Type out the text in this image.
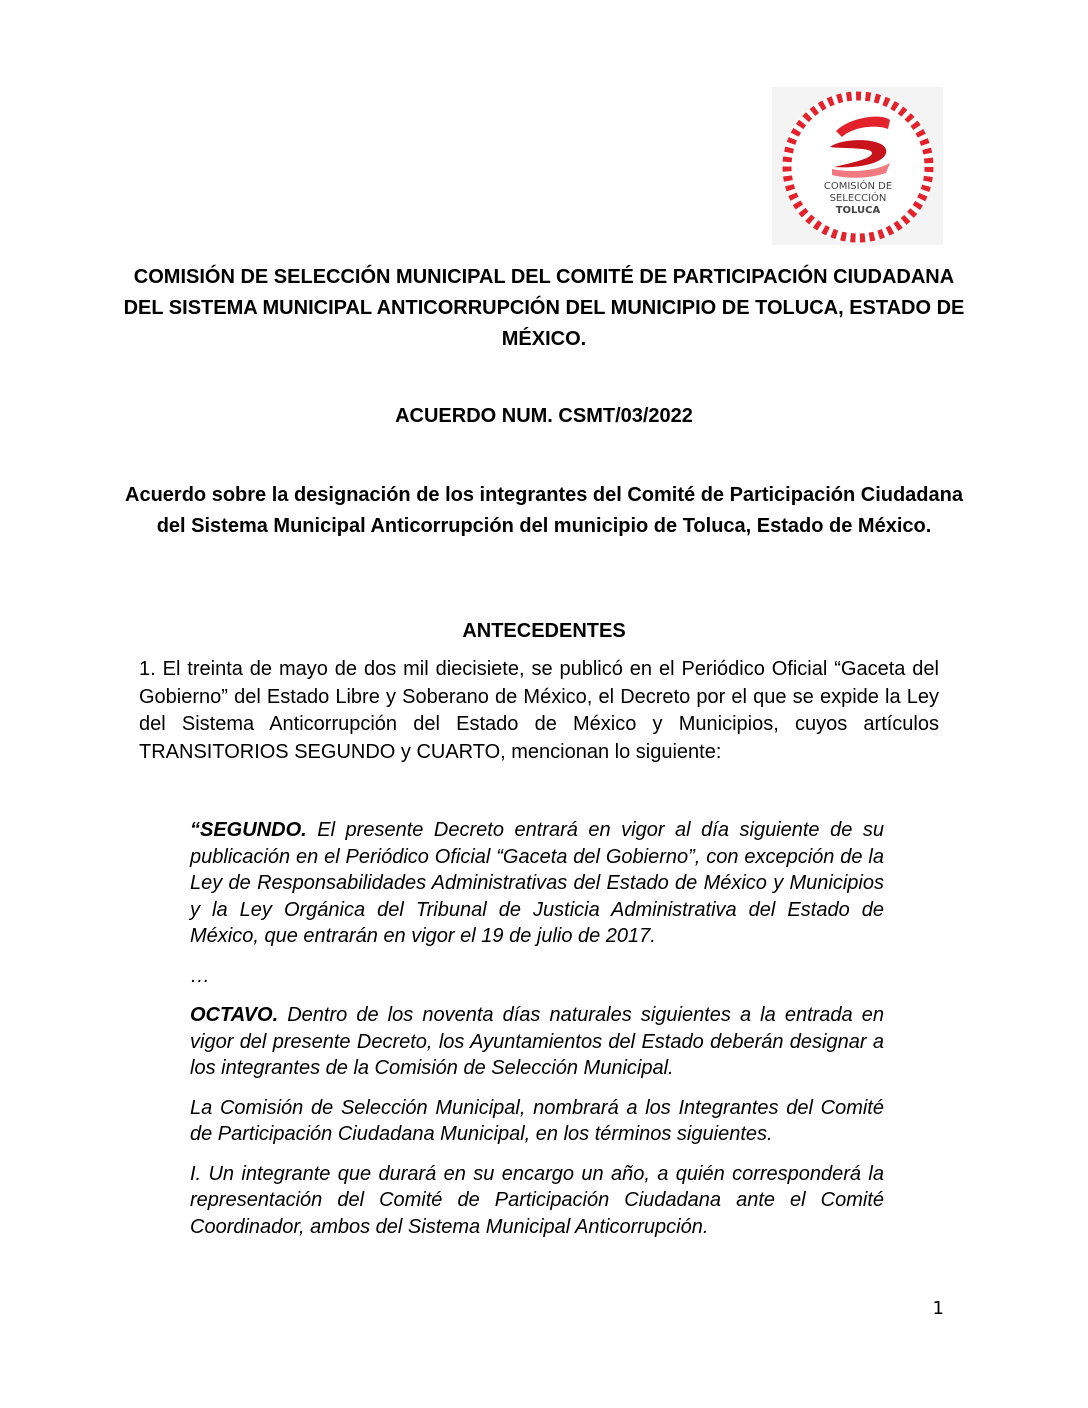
COMISIÓN DE
SELECCIÓN
TOLUCA
COMISIÓN DE SELECCIÓN MUNICIPAL DEL COMITÉ DE PARTICIPACIÓN CIUDADANA DEL SISTEMA MUNICIPAL ANTICORRUPCIÓN DEL MUNICIPIO DE TOLUCA, ESTADO DE MÉXICO.
ACUERDO NUM. CSMT/03/2022
Acuerdo sobre la designación de los integrantes del Comité de Participación Ciudadana del Sistema Municipal Anticorrupción del municipio de Toluca, Estado de México.
ANTECEDENTES

1. El treinta de mayo de dos mil diecisiete, se publicó en el Periódico Oficial “Gaceta del Gobierno” del Estado Libre y Soberano de México, el Decreto por el que se expide la Ley del Sistema Anticorrupción del Estado de México y Municipios, cuyos artículos TRANSITORIOS SEGUNDO y CUARTO, mencionan lo siguiente:

“SEGUNDO. El presente Decreto entrará en vigor al día siguiente de su publicación en el Periódico Oficial “Gaceta del Gobierno”, con excepción de la Ley de Responsabilidades Administrativas del Estado de México y Municipios y la Ley Orgánica del Tribunal de Justicia Administrativa del Estado de México, que entrarán en vigor el 19 de julio de 2017.

…

OCTAVO. Dentro de los noventa días naturales siguientes a la entrada en vigor del presente Decreto, los Ayuntamientos del Estado deberán designar a los integrantes de la Comisión de Selección Municipal.

La Comisión de Selección Municipal, nombrará a los Integrantes del Comité de Participación Ciudadana Municipal, en los términos siguientes.

I. Un integrante que durará en su encargo un año, a quién corresponderá la representación del Comité de Participación Ciudadana ante el Comité Coordinador, ambos del Sistema Municipal Anticorrupción.

1
